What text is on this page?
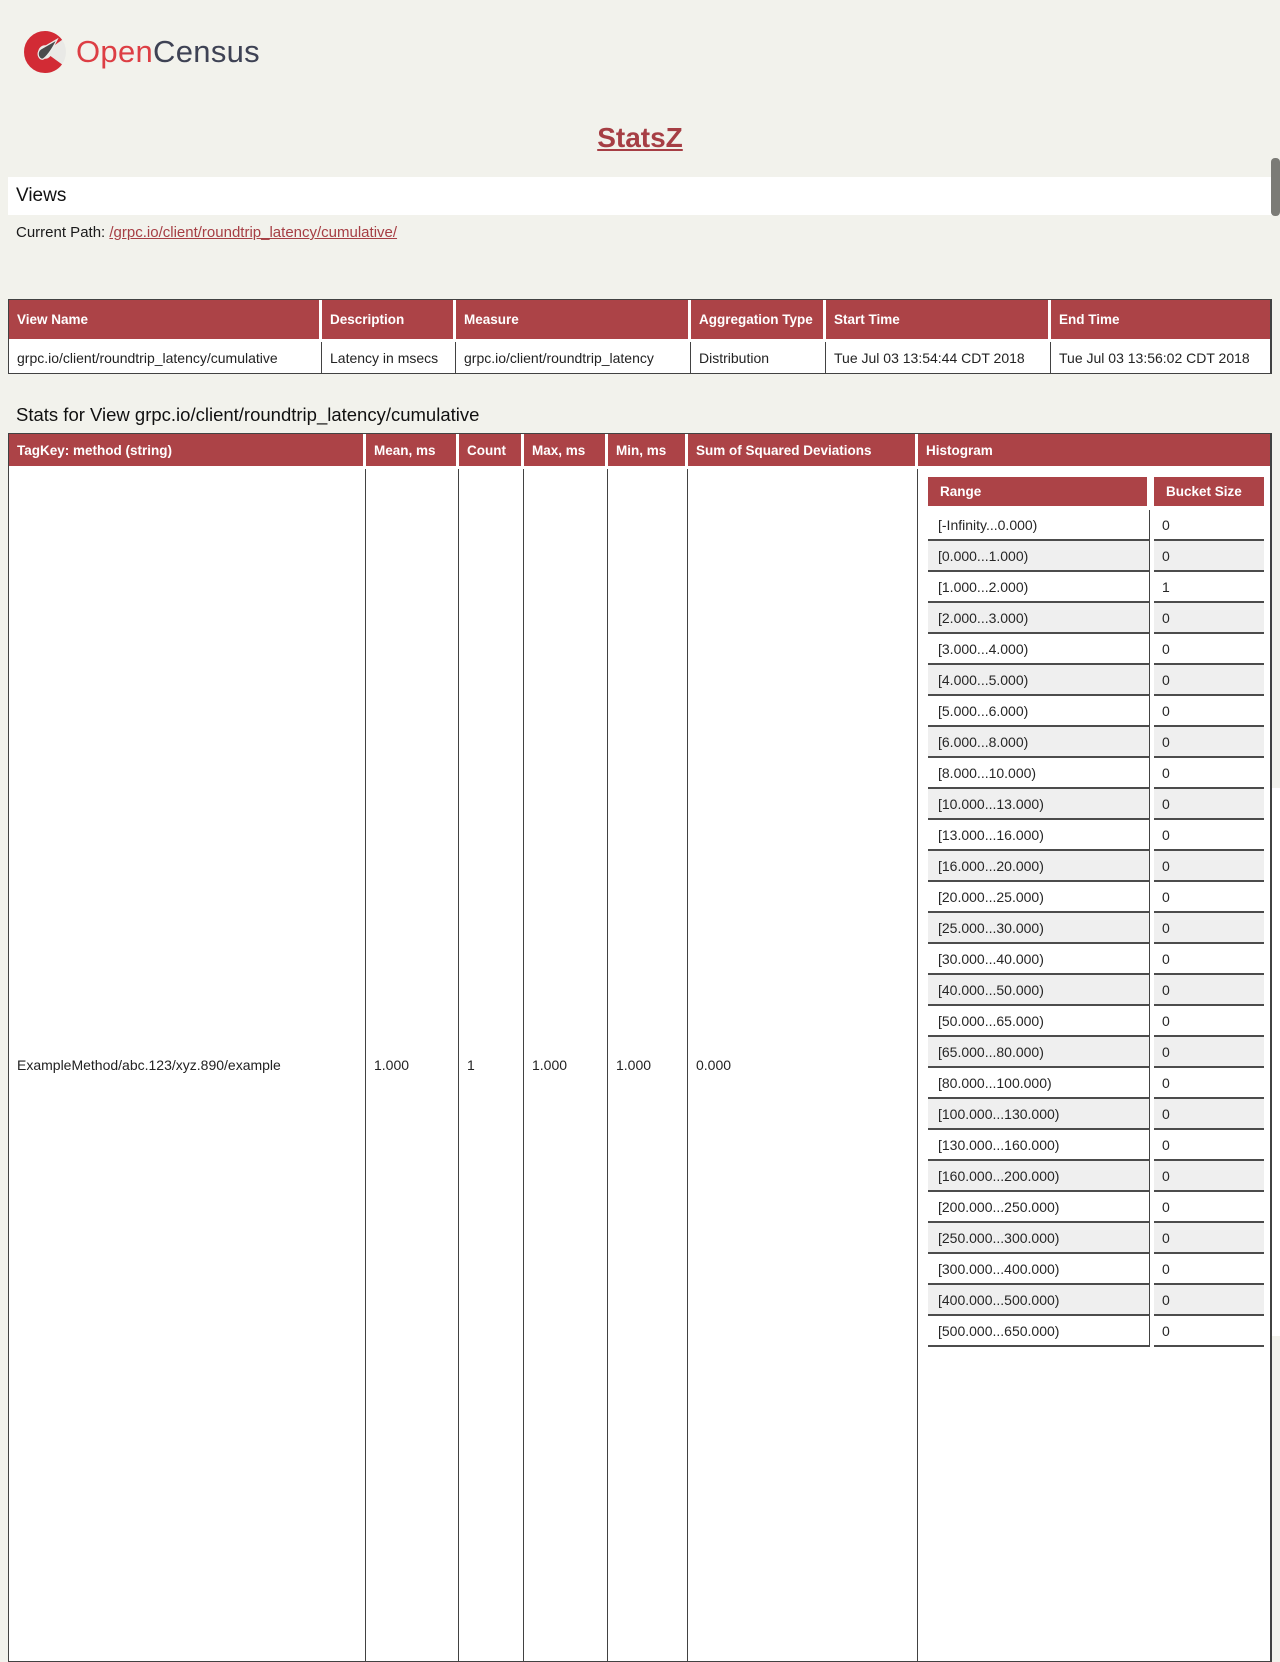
OpenCensus
StatsZ
Views
Current Path: /grpc.io/client/roundtrip_latency/cumulative/
View Name	Description	Measure	Aggregation Type	Start Time	End Time
grpc.io/client/roundtrip_latency/cumulative	Latency in msecs	grpc.io/client/roundtrip_latency	Distribution	Tue Jul 03 13:54:44 CDT 2018	Tue Jul 03 13:56:02 CDT 2018
Stats for View grpc.io/client/roundtrip_latency/cumulative
TagKey: method (string)	Mean, ms	Count	Max, ms	Min, ms	Sum of Squared Deviations	Histogram
ExampleMethod/abc.123/xyz.890/example	1.000	1	1.000	1.000	0.000	
Range		Bucket Size
[-Infinity...0.000)		0
[0.000...1.000)		0
[1.000...2.000)		1
[2.000...3.000)		0
[3.000...4.000)		0
[4.000...5.000)		0
[5.000...6.000)		0
[6.000...8.000)		0
[8.000...10.000)		0
[10.000...13.000)		0
[13.000...16.000)		0
[16.000...20.000)		0
[20.000...25.000)		0
[25.000...30.000)		0
[30.000...40.000)		0
[40.000...50.000)		0
[50.000...65.000)		0
[65.000...80.000)		0
[80.000...100.000)		0
[100.000...130.000)		0
[130.000...160.000)		0
[160.000...200.000)		0
[200.000...250.000)		0
[250.000...300.000)		0
[300.000...400.000)		0
[400.000...500.000)		0
[500.000...650.000)		0
